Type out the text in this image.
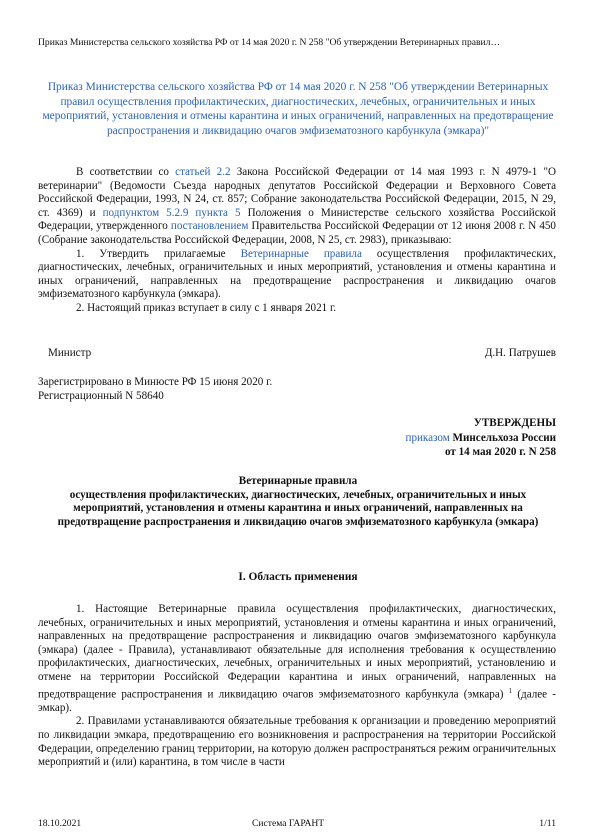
Приказ Министерства сельского хозяйства РФ от 14 мая 2020 г. N 258 "Об утверждении Ветеринарных правил…
Приказ Министерства сельского хозяйства РФ от 14 мая 2020 г. N 258 "Об утверждении Ветеринарных правил осуществления профилактических, диагностических, лечебных, ограничительных и иных мероприятий, установления и отмены карантина и иных ограничений, направленных на предотвращение распространения и ликвидацию очагов эмфизематозного карбункула (эмкара)"

В соответствии со статьей 2.2 Закона Российской Федерации от 14 мая 1993 г. N 4979-1 "О ветеринарии" (Ведомости Съезда народных депутатов Российской Федерации и Верховного Совета Российской Федерации, 1993, N 24, ст. 857; Собрание законодательства Российской Федерации, 2015, N 29, ст. 4369) и подпунктом 5.2.9 пункта 5 Положения о Министерстве сельского хозяйства Российской Федерации, утвержденного постановлением Правительства Российской Федерации от 12 июня 2008 г. N 450 (Собрание законодательства Российской Федерации, 2008, N 25, ст. 2983), приказываю:

1. Утвердить прилагаемые Ветеринарные правила осуществления профилактических, диагностических, лечебных, ограничительных и иных мероприятий, установления и отмены карантина и иных ограничений, направленных на предотвращение распространения и ликвидацию очагов эмфизематозного карбункула (эмкара).

2. Настоящий приказ вступает в силу с 1 января 2021 г.

Министр	Д.Н. Патрушев
Зарегистрировано в Минюсте РФ 15 июня 2020 г.
Регистрационный N 58640
УТВЕРЖДЕНЫ
приказом Минсельхоза России
от 14 мая 2020 г. N 258
Ветеринарные правила
осуществления профилактических, диагностических, лечебных, ограничительных и иных мероприятий, установления и отмены карантина и иных ограничений, направленных на предотвращение распространения и ликвидацию очагов эмфизематозного карбункула (эмкара)
I. Область применения

1. Настоящие Ветеринарные правила осуществления профилактических, диагностических, лечебных, ограничительных и иных мероприятий, установления и отмены карантина и иных ограничений, направленных на предотвращение распространения и ликвидацию очагов эмфизематозного карбункула (эмкара) (далее - Правила), устанавливают обязательные для исполнения требования к осуществлению профилактических, диагностических, лечебных, ограничительных и иных мероприятий, установлению и отмене на территории Российской Федерации карантина и иных ограничений, направленных на предотвращение распространения и ликвидацию очагов эмфизематозного карбункула (эмкара) $^1$ (далее - эмкар).

2. Правилами устанавливаются обязательные требования к организации и проведению мероприятий по ликвидации эмкара, предотвращению его возникновения и распространения на территории Российской Федерации, определению границ территории, на которую должен распространяться режим ограничительных мероприятий и (или) карантина, в том числе в части

18.10.2021	Система ГАРАНТ	1/11
